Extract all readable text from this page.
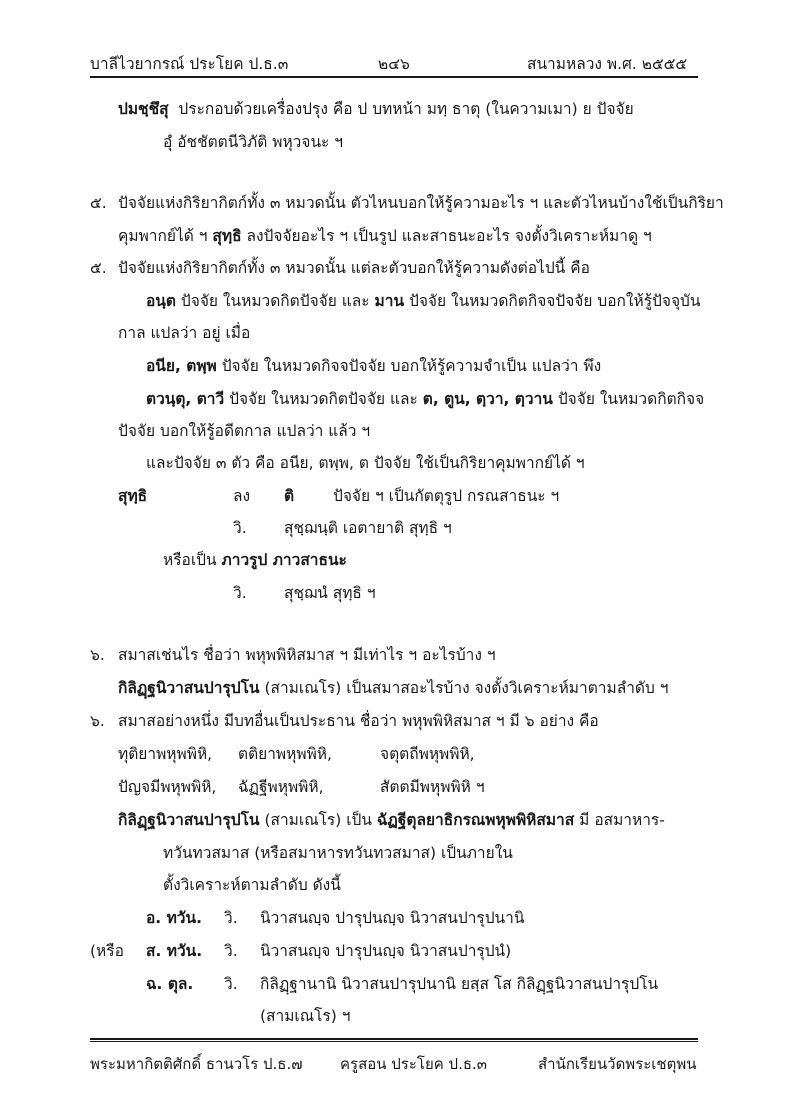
บาลีไวยากรณ์ ประโยค ป.ธ.๓	๒๔๖	สนามหลวง พ.ศ. ๒๕๕๕
ปมชฺชึสุ ประกอบด้วยเครื่องปรุง คือ ป บทหน้า มทฺ ธาตุ (ในความเมา) ย ปัจจัย
อุํ อัชชัตตนีวิภัติ พหุวจนะ ฯ
๕. ปัจจัยแห่งกิริยากิตก์ทั้ง ๓ หมวดนั้น ตัวไหนบอกให้รู้ความอะไร ฯ และตัวไหนบ้างใช้เป็นกิริยา
คุมพากย์ได้ ฯ สุทฺธิ ลงปัจจัยอะไร ฯ เป็นรูป และสาธนะอะไร จงตั้งวิเคราะห์มาดู ฯ
๕. ปัจจัยแห่งกิริยากิตก์ทั้ง ๓ หมวดนั้น แต่ละตัวบอกให้รู้ความดังต่อไปนี้ คือ
อนฺต ปัจจัย ในหมวดกิตปัจจัย และ มาน ปัจจัย ในหมวดกิตกิจจปัจจัย บอกให้รู้ปัจจุบัน
กาล แปลว่า อยู่ เมื่อ
อนีย, ตพฺพ ปัจจัย ในหมวดกิจจปัจจัย บอกให้รู้ความจำเป็น แปลว่า พึง
ตวนฺตุ, ตาวี ปัจจัย ในหมวดกิตปัจจัย และ ต, ตูน, ตฺวา, ตฺวาน ปัจจัย ในหมวดกิตกิจจ
ปัจจัย บอกให้รู้อดีตกาล แปลว่า แล้ว ฯ
และปัจจัย ๓ ตัว คือ อนีย, ตพฺพ, ต ปัจจัย ใช้เป็นกิริยาคุมพากย์ได้ ฯ
สุทฺธิ	ลง ติ	ปัจจัย ฯ เป็นกัตตุรูป กรณสาธนะ ฯ
วิ. สุชฺฌนฺติ เอตายาติ สุทฺธิ ฯ
หรือเป็น ภาวรูป ภาวสาธนะ
วิ. สุชฺฌนํ สุทฺธิ ฯ
๖. สมาสเช่นไร ชื่อว่า พหุพพิหิสมาส ฯ มีเท่าไร ฯ อะไรบ้าง ฯ
กิลิฏฺฐนิวาสนปารุปโน (สามเณโร) เป็นสมาสอะไรบ้าง จงตั้งวิเคราะห์มาตามลำดับ ฯ
๖. สมาสอย่างหนึ่ง มีบทอื่นเป็นประธาน ชื่อว่า พหุพพิหิสมาส ฯ มี ๖ อย่าง คือ
ทุติยาพหุพพิหิ, ตติยาพหุพพิหิ,	จตุตถีพหุพพิหิ,
ปัญจมีพหุพพิหิ, ฉัฏฐีพหุพพิหิ,	สัตตมีพหุพพิหิ ฯ
กิลิฏฺฐนิวาสนปารุปโน (สามเณโร) เป็น ฉัฏฐีตุลยาธิกรณพหุพพิหิสมาส มี อสมาหาร-
ทวันทวสมาส (หรือสมาหารทวันทวสมาส) เป็นภายใน
ตั้งวิเคราะห์ตามลำดับ ดังนี้
อ. ทวัน. วิ. นิวาสนญฺจ ปารุปนญฺจ นิวาสนปารุปนานิ
(หรือ ส. ทวัน. วิ. นิวาสนญฺจ ปารุปนญฺจ นิวาสนปารุปนํ)
ฉ. ตุล. วิ. กิลิฏฺฐานานิ นิวาสนปารุปนานิ ยสฺส โส กิลิฏฺฐนิวาสนปารุปโน
(สามเณโร) ฯ
พระมหากิตติศักดิ์ ธานวโร ป.ธ.๗ ครูสอน ประโยค ป.ธ.๓	สำนักเรียนวัดพระเชตุพน
